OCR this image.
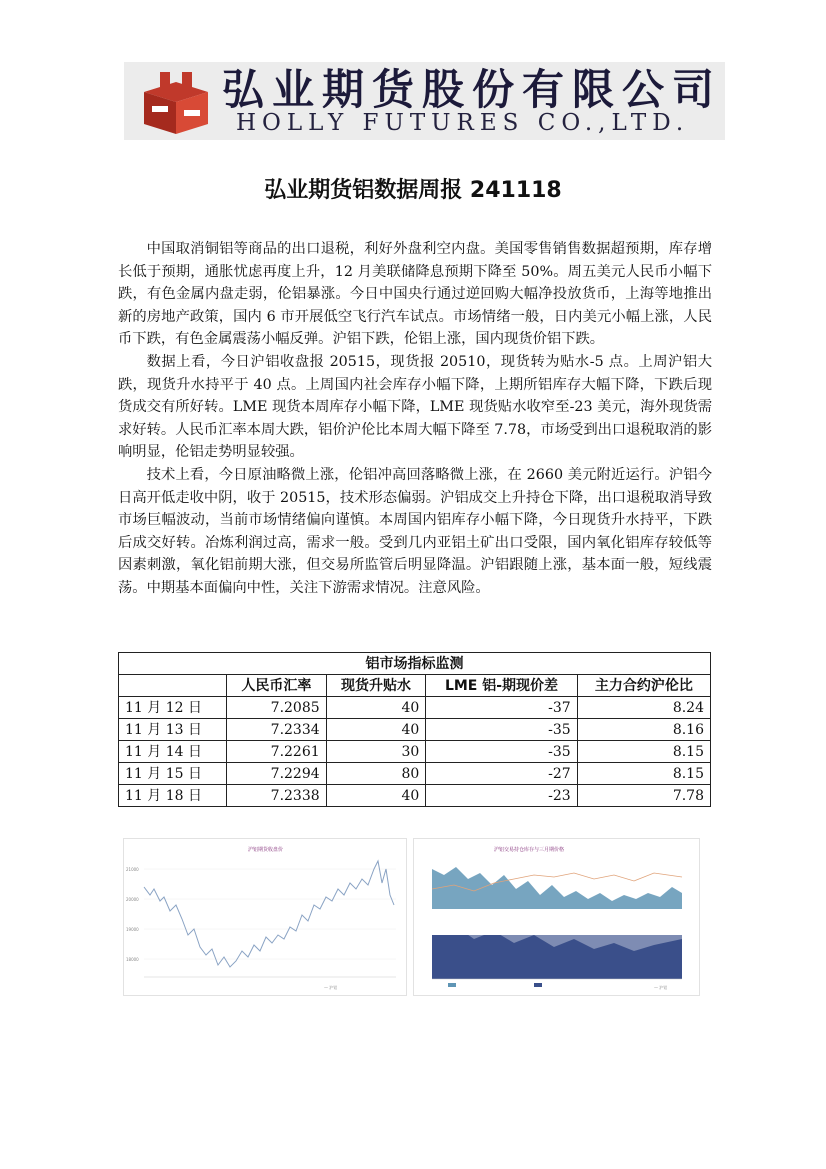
弘业期货股份有限公司
HOLLY FUTURES CO.,LTD.
弘业期货铝数据周报 241118

中国取消铜铝等商品的出口退税，利好外盘利空内盘。美国零售销售数据超预期，库存增长低于预期，通胀忧虑再度上升，12 月美联储降息预期下降至 50%。周五美元人民币小幅下跌，有色金属内盘走弱，伦铝暴涨。今日中国央行通过逆回购大幅净投放货币，上海等地推出新的房地产政策，国内 6 市开展低空飞行汽车试点。市场情绪一般，日内美元小幅上涨，人民币下跌，有色金属震荡小幅反弹。沪铝下跌，伦铝上涨，国内现货价铝下跌。

数据上看，今日沪铝收盘报 20515，现货报 20510，现货转为贴水-5 点。上周沪铝大跌，现货升水持平于 40 点。上周国内社会库存小幅下降，上期所铝库存大幅下降，下跌后现货成交有所好转。LME 现货本周库存小幅下降，LME 现货贴水收窄至-23 美元，海外现货需求好转。人民币汇率本周大跌，铝价沪伦比本周大幅下降至 7.78，市场受到出口退税取消的影响明显，伦铝走势明显较强。

技术上看，今日原油略微上涨，伦铝冲高回落略微上涨，在 2660 美元附近运行。沪铝今日高开低走收中阴，收于 20515，技术形态偏弱。沪铝成交上升持仓下降，出口退税取消导致市场巨幅波动，当前市场情绪偏向谨慎。本周国内铝库存小幅下降，今日现货升水持平，下跌后成交好转。冶炼利润过高，需求一般。受到几内亚铝土矿出口受限，国内氧化铝库存较低等因素刺激，氧化铝前期大涨，但交易所监管后明显降温。沪铝跟随上涨，基本面一般，短线震荡。中期基本面偏向中性，关注下游需求情况。注意风险。

铝市场指标监测				
	人民币汇率	现货升贴水	LME 铝-期现价差	主力合约沪伦比
11 月 12 日	7.2085	40	-37	8.24
11 月 13 日	7.2334	40	-35	8.16
11 月 14 日	7.2261	30	-35	8.15
11 月 15 日	7.2294	80	-27	8.15
11 月 18 日	7.2338	40	-23	7.78
沪铝期货收盘价
21000
20000
19000
18000
— 沪铝
沪铝交易持仓库存与三月期价格
— 沪铝
